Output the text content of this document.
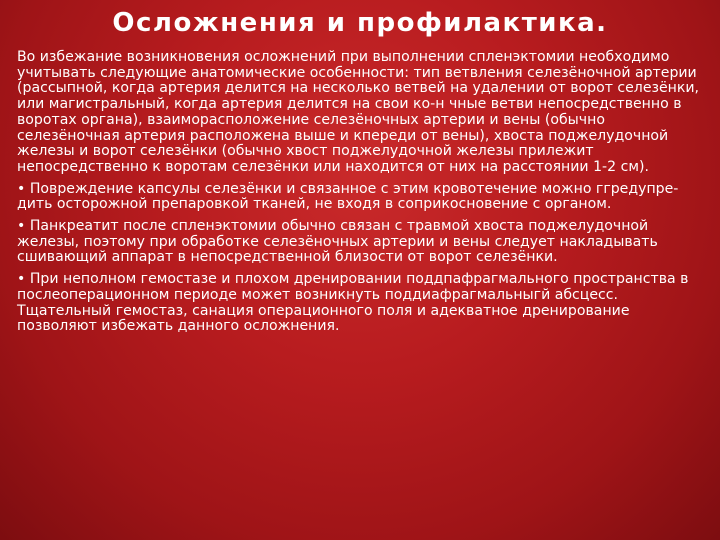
Осложнения и профилактика.

Во избежание возникновения осложнений при выполнении спленэктомии необходимо учитывать следующие анатомические особенности: тип ветвления селезёночной артерии (рассыпной, когда артерия делится на несколько ветвей на удалении от ворот селезёнки, или магистральный, когда артерия делится на свои ко-н чные ветви непосредственно в воротах органа), взаиморасположение селезёночных артерии и вены (обычно селезёночная артерия расположена выше и кпереди от вены), хвоста поджелудочной железы и ворот селезёнки (обычно хвост поджелудочной железы прилежит непосредственно к воротам селезёнки или находится от них на расстоянии 1-2 см).

• Повреждение капсулы селезёнки и связанное с этим кровотечение можно ггредупре-дить осторожной препаровкой тканей, не входя в соприкосновение с органом.

• Панкреатит после спленэктомии обычно связан с травмой хвоста поджелудочной железы, поэтому при обработке селезёночных артерии и вены следует накладывать сшивающий аппарат в непосредственной близости от ворот селезёнки.

• При неполном гемостазе и плохом дренировании поддпафрагмального пространства в послеоперационном периоде может возникнуть поддиафрагмальныгй абсцесс. Тщательный гемостаз, санация операционного поля и адекватное дренирование позволяют избежать данного осложнения.
